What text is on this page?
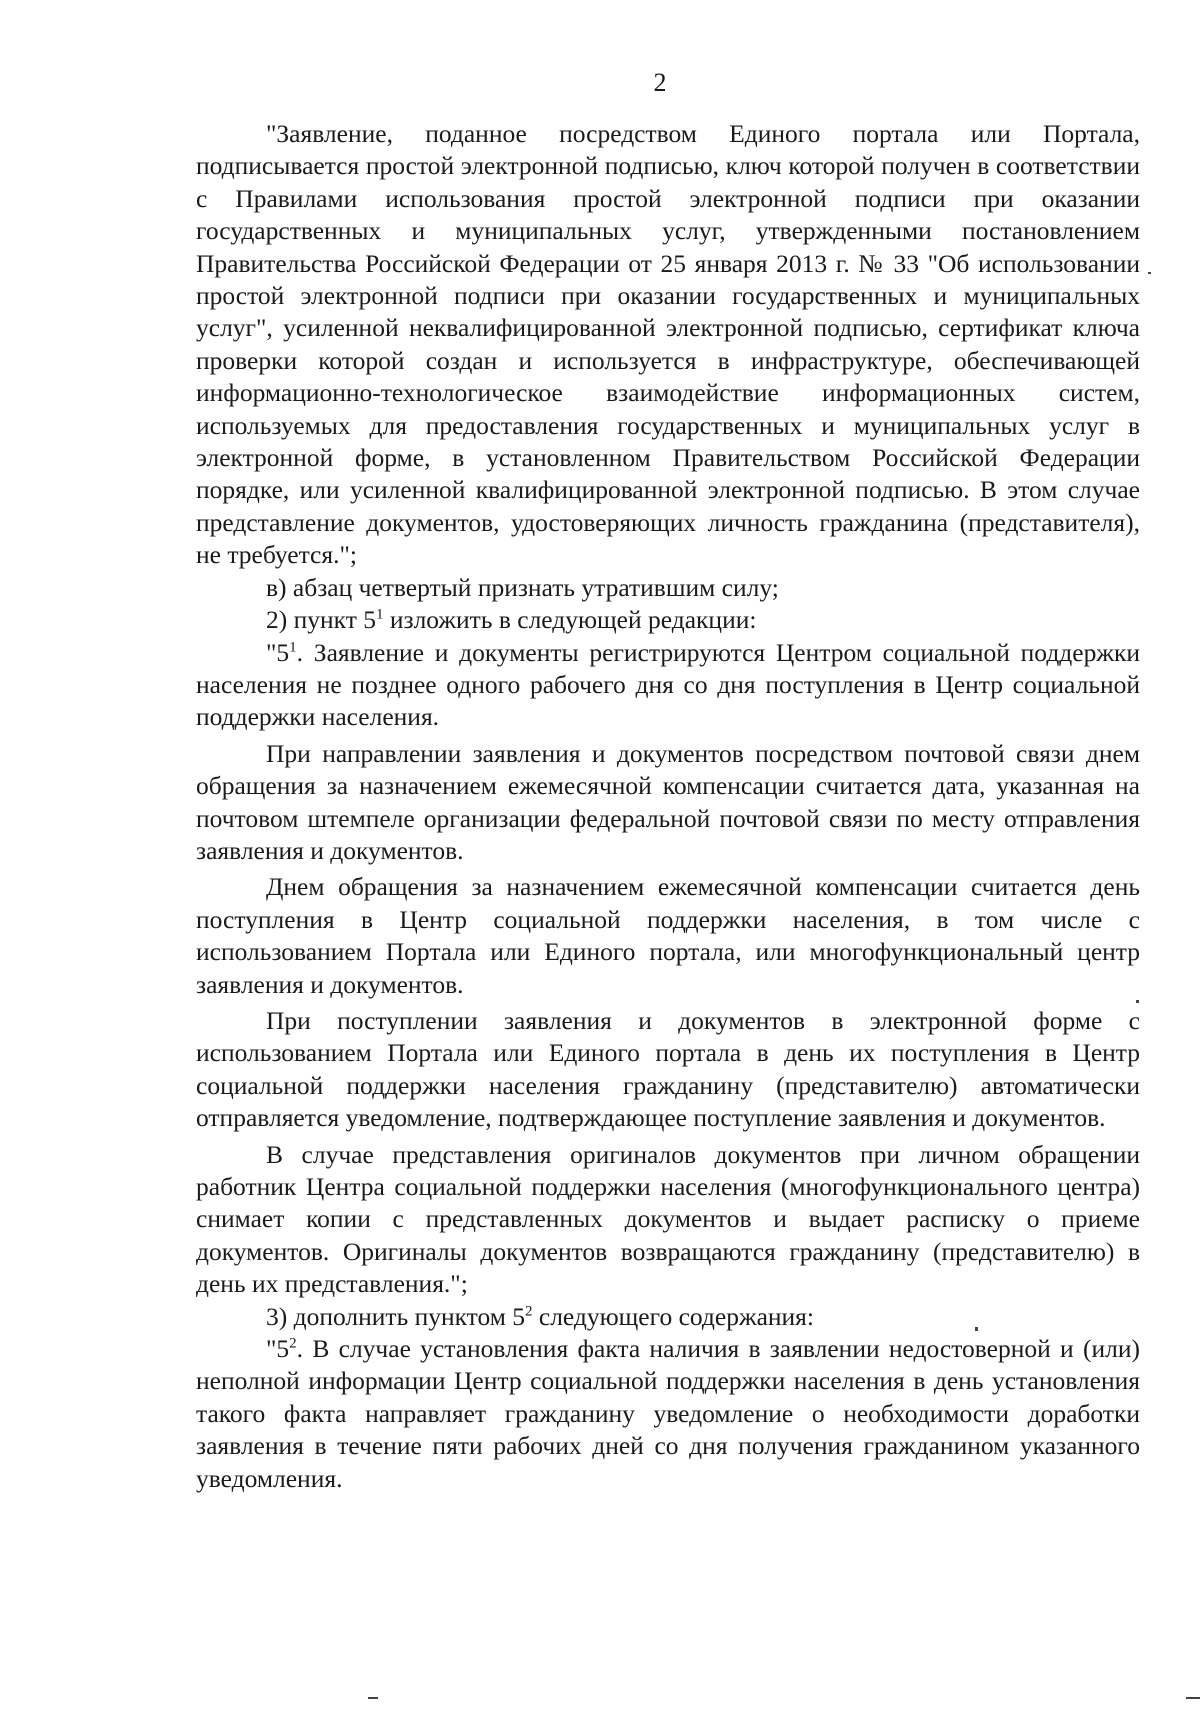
2

"Заявление, поданное посредством Единого портала или Портала, подписывается простой электронной подписью, ключ которой получен в соответствии с Правилами использования простой электронной подписи при оказании государственных и муниципальных услуг, утвержденными постановлением Правительства Российской Федерации от 25 января 2013 г. № 33 "Об использовании простой электронной подписи при оказании государственных и муниципальных услуг", усиленной неквалифицированной электронной подписью, сертификат ключа проверки которой создан и используется в инфраструктуре, обеспечивающей информационно-технологическое взаимодействие информационных систем, используемых для предоставления государственных и муниципальных услуг в электронной форме, в установленном Правительством Российской Федерации порядке, или усиленной квалифицированной электронной подписью. В этом случае представление документов, удостоверяющих личность гражданина (представителя), не требуется.";

в) абзац четвертый признать утратившим силу;

2) пункт $5^1$ изложить в следующей редакции:

"$5^1$. Заявление и документы регистрируются Центром социальной поддержки населения не позднее одного рабочего дня со дня поступления в Центр социальной поддержки населения.

При направлении заявления и документов посредством почтовой связи днем обращения за назначением ежемесячной компенсации считается дата, указанная на почтовом штемпеле организации федеральной почтовой связи по месту отправления заявления и документов.

Днем обращения за назначением ежемесячной компенсации считается день поступления в Центр социальной поддержки населения, в том числе с использованием Портала или Единого портала, или многофункциональный центр заявления и документов.

При поступлении заявления и документов в электронной форме с использованием Портала или Единого портала в день их поступления в Центр социальной поддержки населения гражданину (представителю) автоматически отправляется уведомление, подтверждающее поступление заявления и документов.

В случае представления оригиналов документов при личном обращении работник Центра социальной поддержки населения (многофункционального центра) снимает копии с представленных документов и выдает расписку о приеме документов. Оригиналы документов возвращаются гражданину (представителю) в день их представления.";

3) дополнить пунктом $5^2$ следующего содержания:

"$5^2$. В случае установления факта наличия в заявлении недостоверной и (или) неполной информации Центр социальной поддержки населения в день установления такого факта направляет гражданину уведомление о необходимости доработки заявления в течение пяти рабочих дней со дня получения гражданином указанного уведомления.
